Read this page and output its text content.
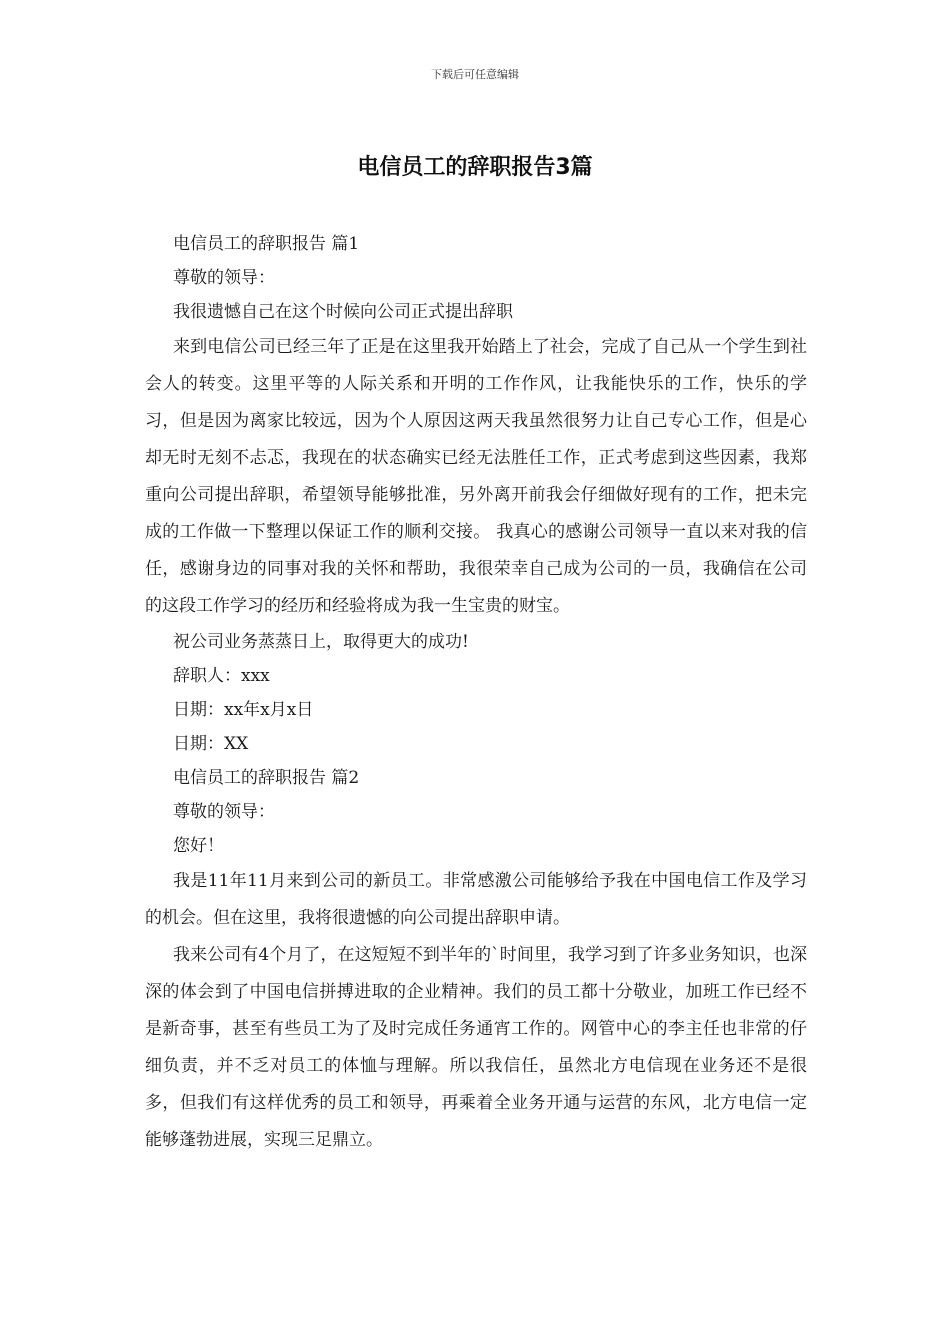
下载后可任意编辑
电信员工的辞职报告3篇

电信员工的辞职报告 篇1

尊敬的领导：

我很遗憾自己在这个时候向公司正式提出辞职

来到电信公司已经三年了正是在这里我开始踏上了社会，完成了自己从一个学生到社会人的转变。这里平等的人际关系和开明的工作作风，让我能快乐的工作，快乐的学习，但是因为离家比较远，因为个人原因这两天我虽然很努力让自己专心工作，但是心却无时无刻不忐忑，我现在的状态确实已经无法胜任工作，正式考虑到这些因素，我郑重向公司提出辞职，希望领导能够批准，另外离开前我会仔细做好现有的工作，把未完成的工作做一下整理以保证工作的顺利交接。 我真心的感谢公司领导一直以来对我的信任，感谢身边的同事对我的关怀和帮助，我很荣幸自己成为公司的一员，我确信在公司的这段工作学习的经历和经验将成为我一生宝贵的财宝。

祝公司业务蒸蒸日上，取得更大的成功!

辞职人：xxx

日期：xx年x月x日

日期：XX

电信员工的辞职报告 篇2

尊敬的领导：

您好！

我是11年11月来到公司的新员工。非常感激公司能够给予我在中国电信工作及学习的机会。但在这里，我将很遗憾的向公司提出辞职申请。

我来公司有4个月了，在这短短不到半年的`时间里，我学习到了许多业务知识，也深深的体会到了中国电信拼搏进取的企业精神。我们的员工都十分敬业，加班工作已经不是新奇事，甚至有些员工为了及时完成任务通宵工作的。网管中心的李主任也非常的仔细负责，并不乏对员工的体恤与理解。所以我信任，虽然北方电信现在业务还不是很多，但我们有这样优秀的员工和领导，再乘着全业务开通与运营的东风，北方电信一定能够蓬勃进展，实现三足鼎立。
